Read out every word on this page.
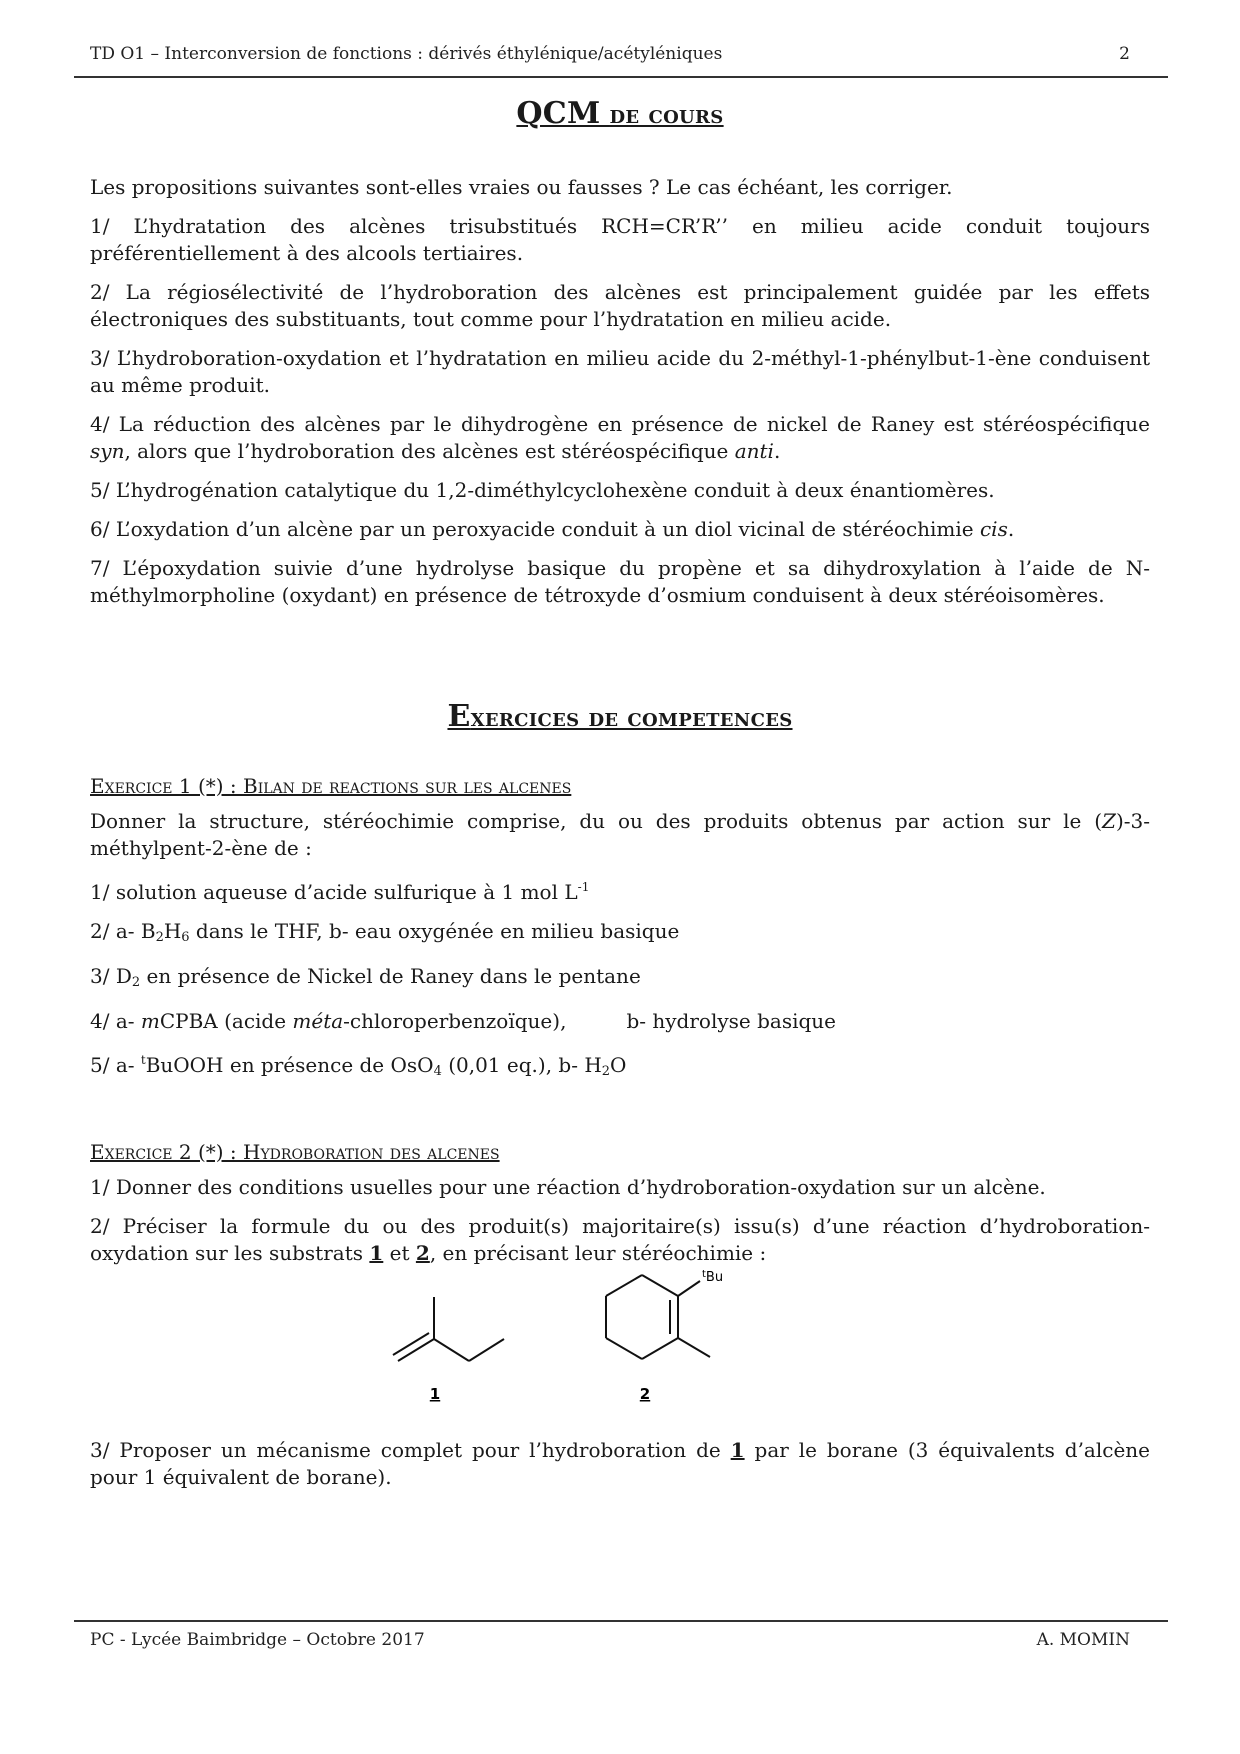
TD O1 – Interconversion de fonctions : dérivés éthylénique/acétyléniques	2
QCM de cours

Les propositions suivantes sont-elles vraies ou fausses ? Le cas échéant, les corriger.

1/ L’hydratation des alcènes trisubstitués RCH=CR’R’’ en milieu acide conduit toujours préférentiellement à des alcools tertiaires.

2/ La régiosélectivité de l’hydroboration des alcènes est principalement guidée par les effets électroniques des substituants, tout comme pour l’hydratation en milieu acide.

3/ L’hydroboration-oxydation et l’hydratation en milieu acide du 2-méthyl-1-phénylbut-1-ène conduisent au même produit.

4/ La réduction des alcènes par le dihydrogène en présence de nickel de Raney est stéréospécifique syn, alors que l’hydroboration des alcènes est stéréospécifique anti.

5/ L’hydrogénation catalytique du 1,2-diméthylcyclohexène conduit à deux énantiomères.

6/ L’oxydation d’un alcène par un peroxyacide conduit à un diol vicinal de stéréochimie cis.

7/ L’époxydation suivie d’une hydrolyse basique du propène et sa dihydroxylation à l’aide de N-méthylmorpholine (oxydant) en présence de tétroxyde d’osmium conduisent à deux stéréoisomères.

Exercices de competences
Exercice 1 (*) : Bilan de reactions sur les alcenes

Donner la structure, stéréochimie comprise, du ou des produits obtenus par action sur le (Z)-3-méthylpent-2-ène de :

1/ solution aqueuse d’acide sulfurique à 1 mol $L^{-1}$

2/ a- $B_2H_6$ dans le THF, b- eau oxygénée en milieu basique

3/ $D_2$ en présence de Nickel de Raney dans le pentane

4/ a- mCPBA (acide méta-chloroperbenzoïque),	b- hydrolyse basique

5/ a- $^t$BuOOH en présence de OsO$_4$ (0,01 eq.), b- $H_2O$

Exercice 2 (*) : Hydroboration des alcenes

1/ Donner des conditions usuelles pour une réaction d’hydroboration-oxydation sur un alcène.

2/ Préciser la formule du ou des produit(s) majoritaire(s) issu(s) d’une réaction d’hydroboration-oxydation sur les substrats 1 et 2, en précisant leur stéréochimie :

1
$^t$Bu
2

3/ Proposer un mécanisme complet pour l’hydroboration de 1 par le borane (3 équivalents d’alcène pour 1 équivalent de borane).

PC - Lycée Baimbridge – Octobre 2017	A. MOMIN
